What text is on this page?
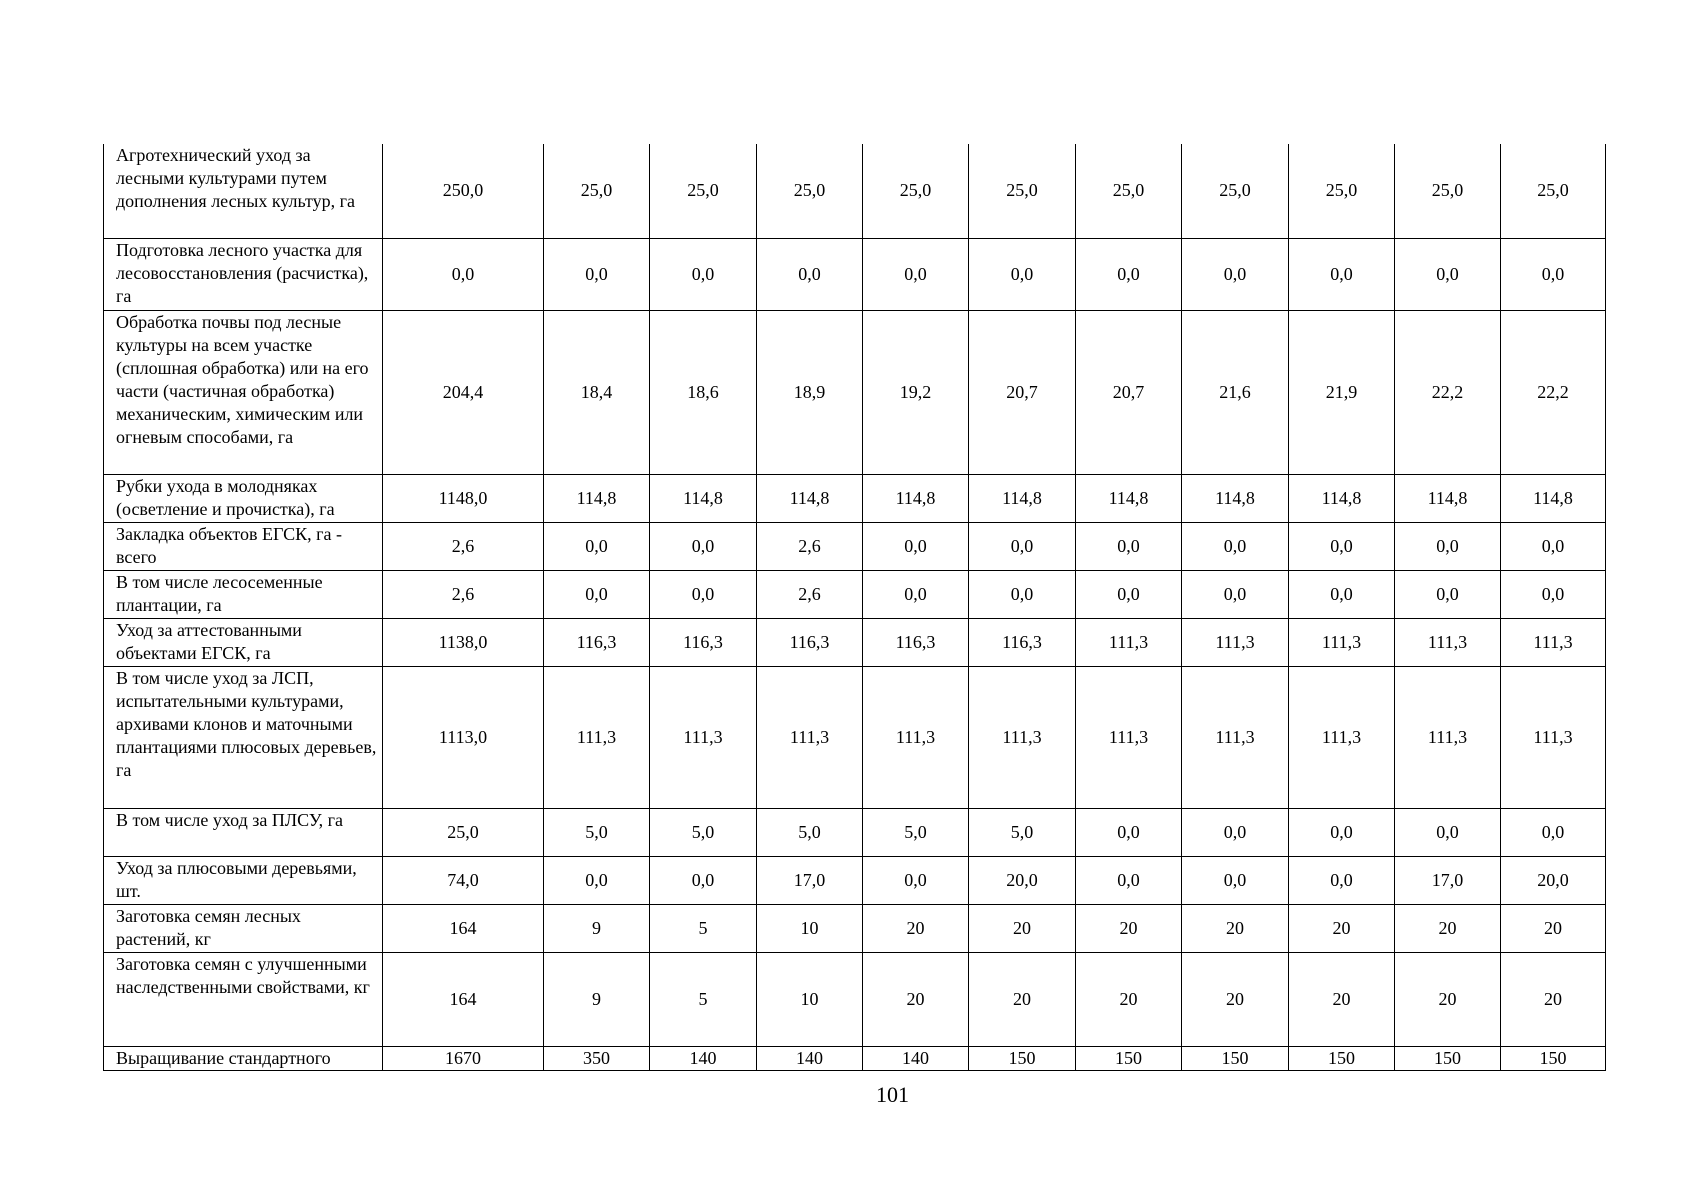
Агротехнический уход за лесными культурами путем дополнения лесных культур, га	250,0	25,0	25,0	25,0	25,0	25,0	25,0	25,0	25,0	25,0	25,0
Подготовка лесного участка для лесовосстановления (расчистка), га	0,0	0,0	0,0	0,0	0,0	0,0	0,0	0,0	0,0	0,0	0,0
Обработка почвы под лесные культуры на всем участке (сплошная обработка) или на его части (частичная обработка) механическим, химическим или огневым способами, га	204,4	18,4	18,6	18,9	19,2	20,7	20,7	21,6	21,9	22,2	22,2
Рубки ухода в молодняках (осветление и прочистка), га	1148,0	114,8	114,8	114,8	114,8	114,8	114,8	114,8	114,8	114,8	114,8
Закладка объектов ЕГСК, га - всего	2,6	0,0	0,0	2,6	0,0	0,0	0,0	0,0	0,0	0,0	0,0
В том числе лесосеменные плантации, га	2,6	0,0	0,0	2,6	0,0	0,0	0,0	0,0	0,0	0,0	0,0
Уход за аттестованными объектами ЕГСК, га	1138,0	116,3	116,3	116,3	116,3	116,3	111,3	111,3	111,3	111,3	111,3
В том числе уход за ЛСП, испытательными культурами, архивами клонов и маточными плантациями плюсовых деревьев, га	1113,0	111,3	111,3	111,3	111,3	111,3	111,3	111,3	111,3	111,3	111,3
В том числе уход за ПЛСУ, га	25,0	5,0	5,0	5,0	5,0	5,0	0,0	0,0	0,0	0,0	0,0
Уход за плюсовыми деревьями, шт.	74,0	0,0	0,0	17,0	0,0	20,0	0,0	0,0	0,0	17,0	20,0
Заготовка семян лесных растений, кг	164	9	5	10	20	20	20	20	20	20	20
Заготовка семян с улучшенными наследственными свойствами, кг	164	9	5	10	20	20	20	20	20	20	20
Выращивание стандартного	1670	350	140	140	140	150	150	150	150	150	150
101
